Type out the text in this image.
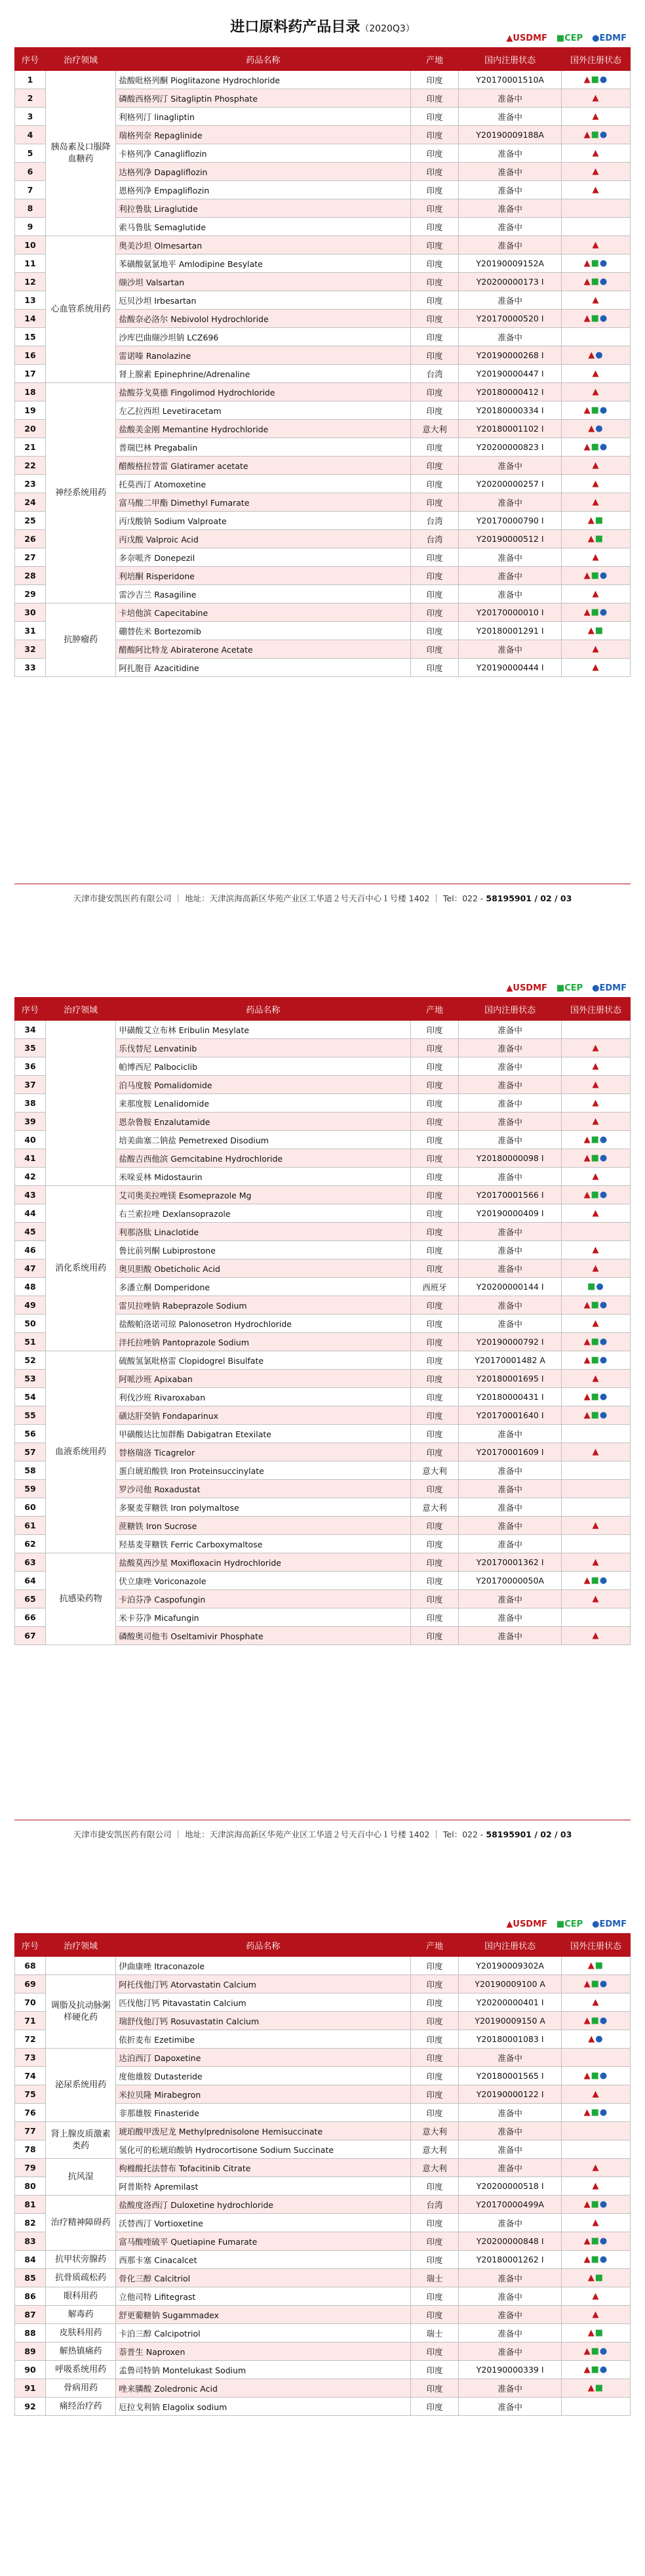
进口原料药产品目录（2020Q3）
▲USDMF ■CEP ●EDMF
序号	治疗领域	药品名称	产地	国内注册状态	国外注册状态
1	胰岛素及口服降血糖药	盐酸吡格列酮 Pioglitazone Hydrochloride	印度	Y20170001510A	▲■●
2		磷酸西格列汀 Sitagliptin Phosphate	印度	准备中	▲
3		利格列汀 linagliptin	印度	准备中	▲
4		瑞格列奈 Repaglinide	印度	Y20190009188A	▲■●
5		卡格列净 Canagliflozin	印度	准备中	▲
6		达格列净 Dapagliflozin	印度	准备中	▲
7		恩格列净 Empagliflozin	印度	准备中	▲
8		利拉鲁肽 Liraglutide	印度	准备中	
9		索马鲁肽 Semaglutide	印度	准备中	
10	心血管系统用药	奥美沙坦 Olmesartan	印度	准备中	▲
11		苯磺酸氨氯地平 Amlodipine Besylate	印度	Y20190009152A	▲■●
12		缬沙坦 Valsartan	印度	Y20200000173 I	▲■●
13		厄贝沙坦 Irbesartan	印度	准备中	▲
14		盐酸奈必洛尔 Nebivolol Hydrochloride	印度	Y20170000520 I	▲■●
15		沙库巴曲缬沙坦钠 LCZ696	印度	准备中	
16		雷诺嗪 Ranolazine	印度	Y20190000268 I	▲●
17		肾上腺素 Epinephrine/Adrenaline	台湾	Y20190000447 I	▲
18	神经系统用药	盐酸芬戈莫德 Fingolimod Hydrochloride	印度	Y20180000412 I	▲
19		左乙拉西坦 Levetiracetam	印度	Y20180000334 I	▲■●
20		盐酸美金刚 Memantine Hydrochloride	意大利	Y20180001102 I	▲●
21		普瑞巴林 Pregabalin	印度	Y20200000823 I	▲■●
22		醋酸格拉替雷 Glatiramer acetate	印度	准备中	▲
23		托莫西汀 Atomoxetine	印度	Y20200000257 I	▲
24		富马酸二甲酯 Dimethyl Fumarate	印度	准备中	▲
25		丙戊酸钠 Sodium Valproate	台湾	Y20170000790 I	▲■
26		丙戊酸 Valproic Acid	台湾	Y20190000512 I	▲■
27		多奈哌齐 Donepezil	印度	准备中	▲
28		利培酮 Risperidone	印度	准备中	▲■●
29		雷沙吉兰 Rasagiline	印度	准备中	▲
30	抗肿瘤药	卡培他滨 Capecitabine	印度	Y20170000010 I	▲■●
31		硼替佐米 Bortezomib	印度	Y20180001291 I	▲■
32		醋酸阿比特龙 Abiraterone Acetate	印度	准备中	▲
33		阿扎胞苷 Azacitidine	印度	Y20190000444 I	▲
天津市捷安凯医药有限公司 ｜ 地址：天津滨海高新区华苑产业区工华道２号天百中心１号楼 1402 ｜ Tel：022 - 58195901 / 02 / 03
▲USDMF ■CEP ●EDMF
序号	治疗领域	药品名称	产地	国内注册状态	国外注册状态
34		甲磺酸艾立布林 Eribulin Mesylate	印度	准备中	
35		乐伐替尼 Lenvatinib	印度	准备中	▲
36		帕博西尼 Palbociclib	印度	准备中	▲
37		泊马度胺 Pomalidomide	印度	准备中	▲
38		来那度胺 Lenalidomide	印度	准备中	▲
39		恩杂鲁胺 Enzalutamide	印度	准备中	▲
40		培美曲塞二钠盐 Pemetrexed Disodium	印度	准备中	▲■●
41		盐酸吉西他滨 Gemcitabine Hydrochloride	印度	Y20180000098 I	▲■●
42		米哚妥林 Midostaurin	印度	准备中	▲
43	消化系统用药	艾司奥美拉唑镁 Esomeprazole Mg	印度	Y20170001566 I	▲■●
44		右兰索拉唑 Dexlansoprazole	印度	Y20190000409 I	▲
45		利那洛肽 Linaclotide	印度	准备中	
46		鲁比前列酮 Lubiprostone	印度	准备中	▲
47		奥贝胆酸 Obeticholic Acid	印度	准备中	▲
48		多潘立酮 Domperidone	西班牙	Y20200000144 I	■●
49		雷贝拉唑钠 Rabeprazole Sodium	印度	准备中	▲■●
50		盐酸帕洛诺司琼 Palonosetron Hydrochloride	印度	准备中	▲
51		泮托拉唑钠 Pantoprazole Sodium	印度	Y20190000792 I	▲■●
52	血液系统用药	硫酸氢氯吡格雷 Clopidogrel Bisulfate	印度	Y20170001482 A	▲■●
53		阿哌沙班 Apixaban	印度	Y20180001695 I	▲
54		利伐沙班 Rivaroxaban	印度	Y20180000431 I	▲■●
55		磺达肝癸钠 Fondaparinux	印度	Y20170001640 I	▲■●
56		甲磺酸达比加群酯 Dabigatran Etexilate	印度	准备中	
57		替格瑞洛 Ticagrelor	印度	Y20170001609 I	▲
58		蛋白琥珀酸铁 Iron Proteinsuccinylate	意大利	准备中	
59		罗沙司他 Roxadustat	印度	准备中	
60		多聚麦芽糖铁 Iron polymaltose	意大利	准备中	
61		蔗糖铁 Iron Sucrose	印度	准备中	▲
62		羟基麦芽糖铁 Ferric Carboxymaltose	印度	准备中	
63	抗感染药物	盐酸莫西沙星 Moxifloxacin Hydrochloride	印度	Y20170001362 I	▲
64		伏立康唑 Voriconazole	印度	Y20170000050A	▲■●
65		卡泊芬净 Caspofungin	印度	准备中	▲
66		米卡芬净 Micafungin	印度	准备中	
67		磷酸奥司他韦 Oseltamivir Phosphate	印度	准备中	▲
天津市捷安凯医药有限公司 ｜ 地址：天津滨海高新区华苑产业区工华道２号天百中心１号楼 1402 ｜ Tel：022 - 58195901 / 02 / 03
▲USDMF ■CEP ●EDMF
序号	治疗领域	药品名称	产地	国内注册状态	国外注册状态
68		伊曲康唑 Itraconazole	印度	Y20190009302A	▲■
69	调脂及抗动脉粥样硬化药	阿托伐他汀钙 Atorvastatin Calcium	印度	Y20190009100 A	▲■●
70		匹伐他汀钙 Pitavastatin Calcium	印度	Y20200000401 I	▲
71		瑞舒伐他汀钙 Rosuvastatin Calcium	印度	Y20190009150 A	▲■●
72		依折麦布 Ezetimibe	印度	Y20180001083 I	▲●
73	泌尿系统用药	达泊西汀 Dapoxetine	印度	准备中	
74		度他雄胺 Dutasteride	印度	Y20180001565 I	▲■●
75		米拉贝隆 Mirabegron	印度	Y20190000122 I	▲
76		非那雄胺 Finasteride	印度	准备中	▲■●
77	肾上腺皮质激素类药	琥珀酸甲泼尼龙 Methylprednisolone Hemisuccinate	意大利	准备中	
78		氢化可的松琥珀酸钠 Hydrocortisone Sodium Succinate	意大利	准备中	
79	抗风湿	枸橼酸托法替布 Tofacitinib Citrate	意大利	准备中	▲
80		阿普斯特 Apremilast	印度	Y20200000518 I	▲
81	治疗精神障碍药	盐酸度洛西汀 Duloxetine hydrochloride	台湾	Y20170000499A	▲■●
82		沃替西汀 Vortioxetine	印度	准备中	▲
83		富马酸喹硫平 Quetiapine Fumarate	印度	Y20200000848 I	▲■●
84	抗甲状旁腺药	西那卡塞 Cinacalcet	印度	Y20180001262 I	▲■●
85	抗骨质疏松药	骨化三醇 Calcitriol	瑞士	准备中	▲■
86	眼科用药	立他司特 Lifitegrast	印度	准备中	▲
87	解毒药	舒更葡糖钠 Sugammadex	印度	准备中	▲
88	皮肤科用药	卡泊三醇 Calcipotriol	瑞士	准备中	▲■
89	解热镇痛药	萘普生 Naproxen	印度	准备中	▲■●
90	呼吸系统用药	孟鲁司特钠 Montelukast Sodium	印度	Y20190000339 I	▲■●
91	骨病用药	唑来膦酸 Zoledronic Acid	印度	准备中	▲■
92	痛经治疗药	厄拉戈利钠 Elagolix sodium	印度	准备中	
